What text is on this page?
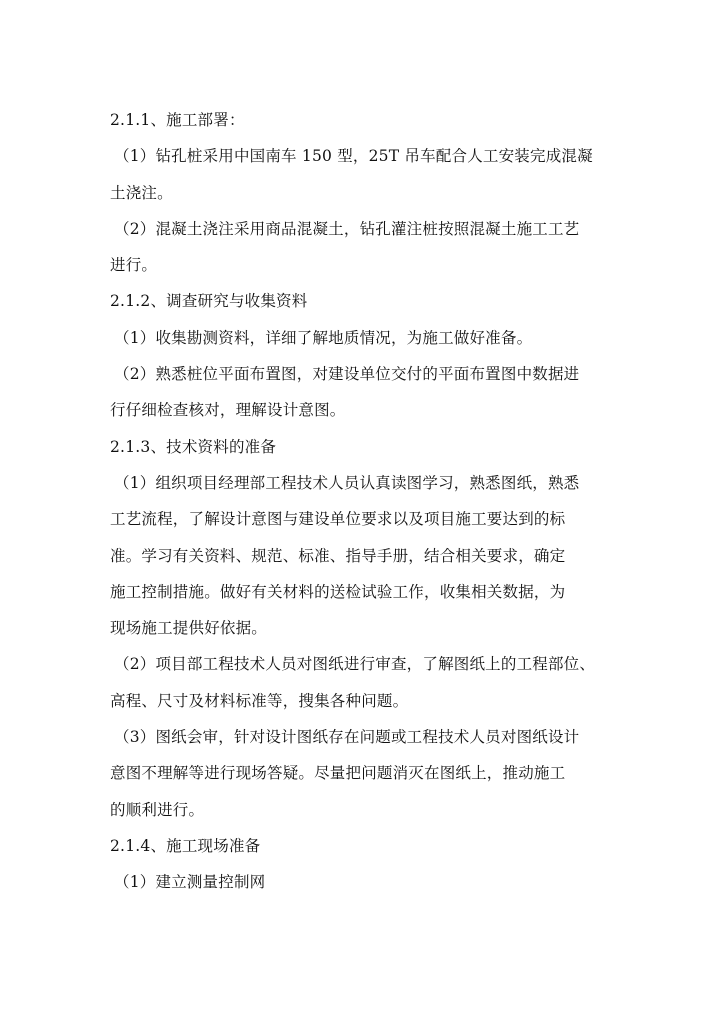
2.1.1、施工部署：
（1）钻孔桩采用中国南车 150 型，25T 吊车配合人工安装完成混凝
土浇注。
（2）混凝土浇注采用商品混凝土，钻孔灌注桩按照混凝土施工工艺
进行。
2.1.2、调查研究与收集资料
（1）收集勘测资料，详细了解地质情况，为施工做好准备。
（2）熟悉桩位平面布置图，对建设单位交付的平面布置图中数据进
行仔细检查核对，理解设计意图。
2.1.3、技术资料的准备
（1）组织项目经理部工程技术人员认真读图学习，熟悉图纸，熟悉
工艺流程，了解设计意图与建设单位要求以及项目施工要达到的标
准。学习有关资料、规范、标准、指导手册，结合相关要求，确定
施工控制措施。做好有关材料的送检试验工作，收集相关数据，为
现场施工提供好依据。
（2）项目部工程技术人员对图纸进行审查，了解图纸上的工程部位、
高程、尺寸及材料标准等，搜集各种问题。
（3）图纸会审，针对设计图纸存在问题或工程技术人员对图纸设计
意图不理解等进行现场答疑。尽量把问题消灭在图纸上，推动施工
的顺利进行。
2.1.4、施工现场准备
（1）建立测量控制网
